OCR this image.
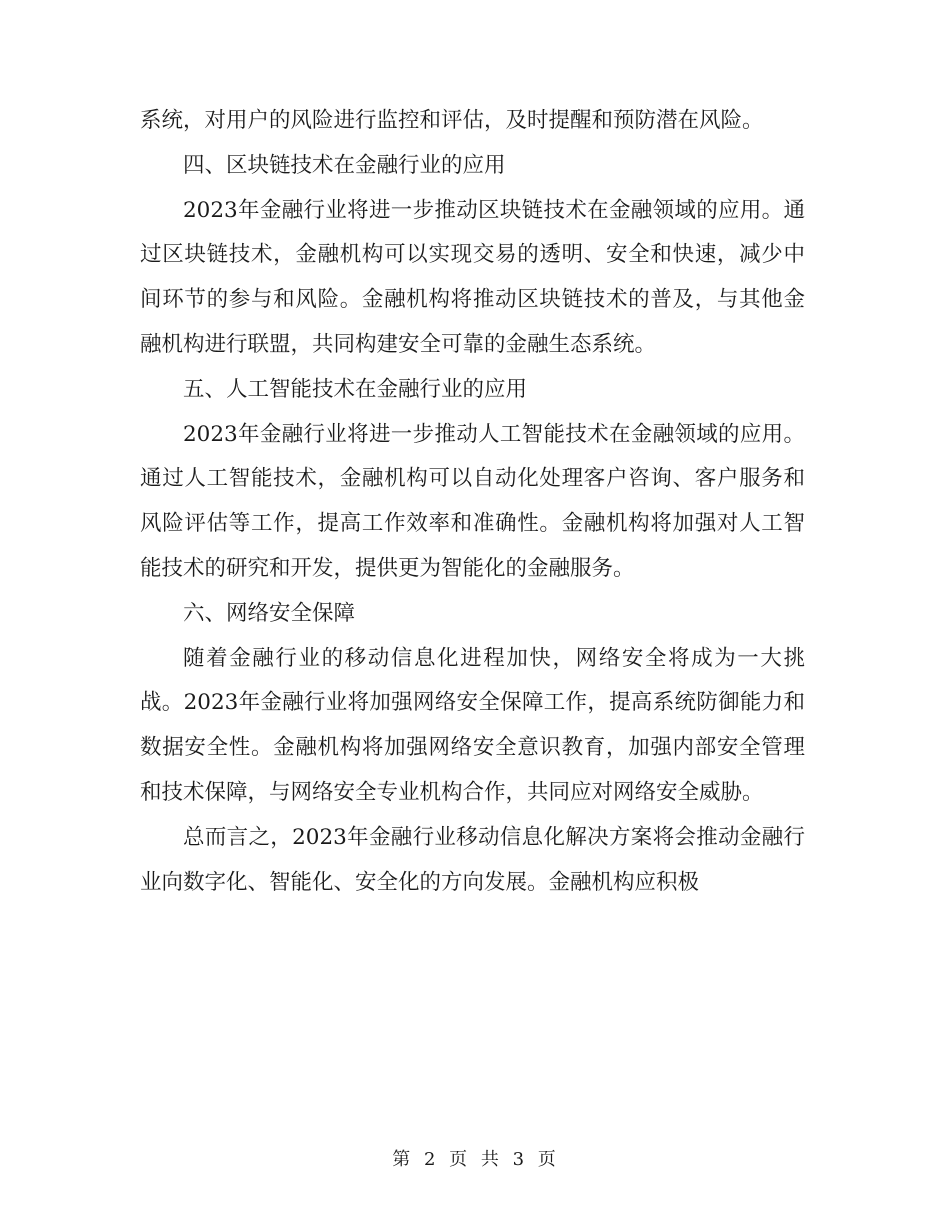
系统，对用户的风险进行监控和评估，及时提醒和预防潜在风险。

四、区块链技术在金融行业的应用

2023年金融行业将进一步推动区块链技术在金融领域的应用。通过区块链技术，金融机构可以实现交易的透明、安全和快速，减少中间环节的参与和风险。金融机构将推动区块链技术的普及，与其他金融机构进行联盟，共同构建安全可靠的金融生态系统。

五、人工智能技术在金融行业的应用

2023年金融行业将进一步推动人工智能技术在金融领域的应用。通过人工智能技术，金融机构可以自动化处理客户咨询、客户服务和风险评估等工作，提高工作效率和准确性。金融机构将加强对人工智能技术的研究和开发，提供更为智能化的金融服务。

六、网络安全保障

随着金融行业的移动信息化进程加快，网络安全将成为一大挑战。2023年金融行业将加强网络安全保障工作，提高系统防御能力和数据安全性。金融机构将加强网络安全意识教育，加强内部安全管理和技术保障，与网络安全专业机构合作，共同应对网络安全威胁。

总而言之，2023年金融行业移动信息化解决方案将会推动金融行业向数字化、智能化、安全化的方向发展。金融机构应积极

第 2 页 共 3 页
